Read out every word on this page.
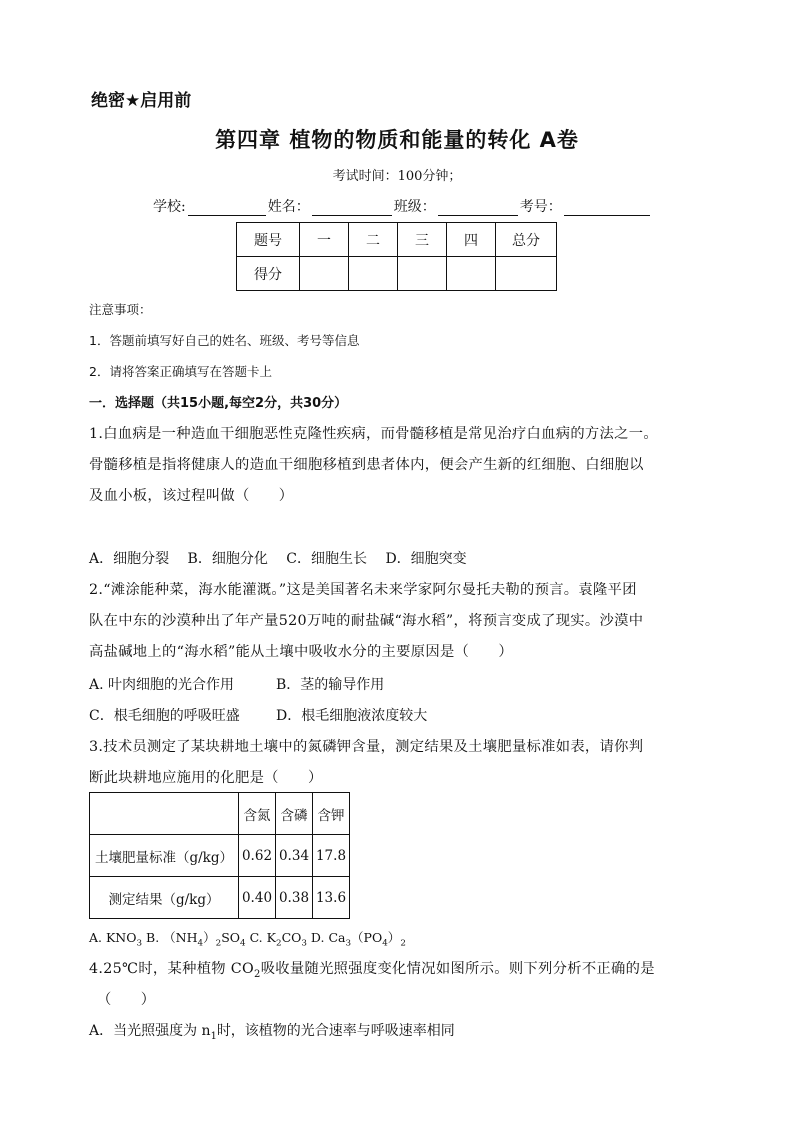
绝密★启用前
第四章 植物的物质和能量的转化 A卷
考试时间：100分钟；
学校:	姓名：	班级：	考号：
题号	一	二	三	四	总分
得分					
注意事项：
1．答题前填写好自己的姓名、班级、考号等信息
2．请将答案正确填写在答题卡上
一．选择题（共15小题,每空2分，共30分）
1.白血病是一种造血干细胞恶性克隆性疾病，而骨髓移植是常见治疗白血病的方法之一。
骨髓移植是指将健康人的造血干细胞移植到患者体内，便会产生新的红细胞、白细胞以
及血小板，该过程叫做（　　）
A．细胞分裂　 B．细胞分化　 C．细胞生长　 D．细胞突变
2.“滩涂能种菜，海水能灌溉。”这是美国著名未来学家阿尔曼托夫勒的预言。袁隆平团
队在中东的沙漠种出了年产量520万吨的耐盐碱“海水稻”，将预言变成了现实。沙漠中
高盐碱地上的“海水稻”能从土壤中吸收水分的主要原因是（　　）
A. 叶肉细胞的光合作用	B．茎的输导作用
C．根毛细胞的呼吸旺盛	D．根毛细胞液浓度较大
3.技术员测定了某块耕地土壤中的氮磷钾含量，测定结果及土壤肥量标准如表，请你判
断此块耕地应施用的化肥是（　　）
	含氮	含磷	含钾
土壤肥量标准（g/kg）	0.62	0.34	17.8
测定结果（g/kg）	0.40	0.38	13.6
A. $KNO_3$ B. $(NH_4)_2SO_4$ C. $K_2CO_3$ D. $Ca_3(PO_4)_2$
4.25℃时，某种植物 $CO_2$吸收量随光照强度变化情况如图所示。则下列分析不正确的是
（　　）
A．当光照强度为 $n_1$时，该植物的光合速率与呼吸速率相同
